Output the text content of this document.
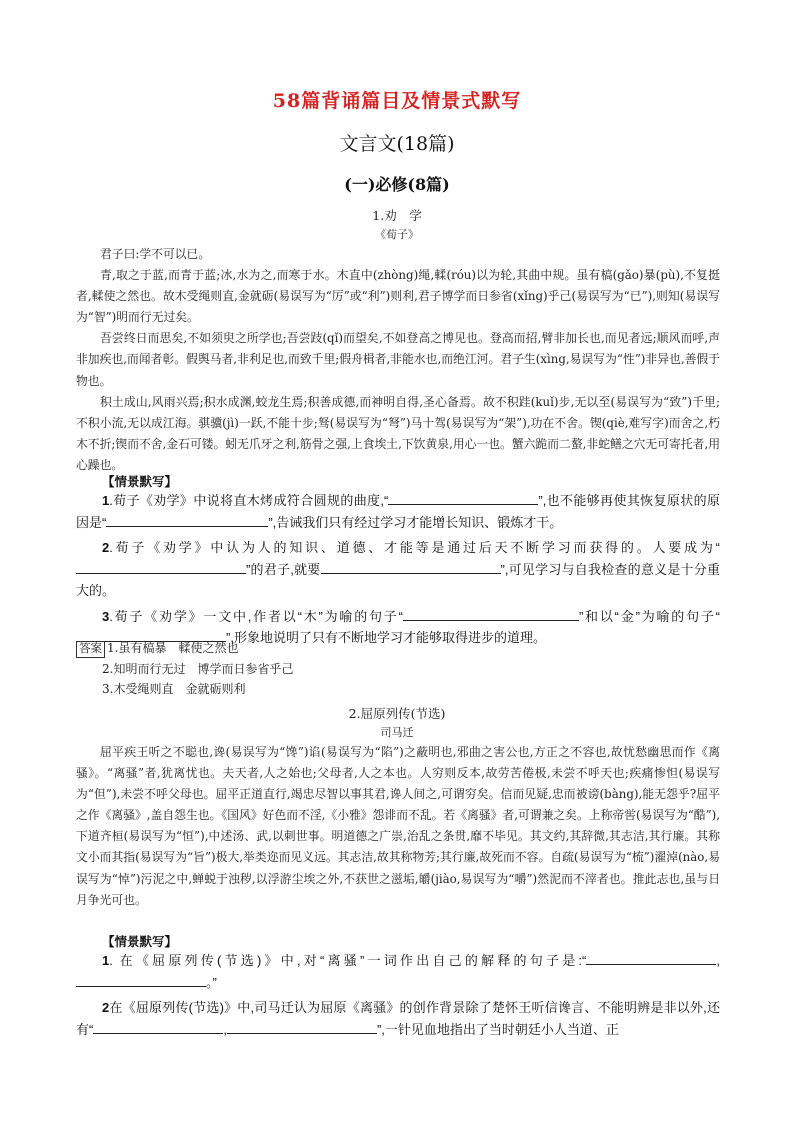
58篇背诵篇目及情景式默写
文言文(18篇)
(一)必修(8篇)
1.劝　学
《荀子》

君子曰:学不可以已。

青,取之于蓝,而青于蓝;冰,水为之,而寒于水。木直中(zhòng)绳,輮(róu)以为轮,其曲中规。虽有槁(gǎo)暴(pù),不复挺者,輮使之然也。故木受绳则直,金就砺(易误写为“厉”或“利”)则利,君子博学而日参省(xǐng)乎己(易误写为“已”),则知(易误写为“智”)明而行无过矣。

吾尝终日而思矣,不如须臾之所学也;吾尝跂(qǐ)而望矣,不如登高之博见也。登高而招,臂非加长也,而见者远;顺风而呼,声非加疾也,而闻者彰。假舆马者,非利足也,而致千里;假舟楫者,非能水也,而绝江河。君子生(xìng,易误写为“性”)非异也,善假于物也。

积土成山,风雨兴焉;积水成渊,蛟龙生焉;积善成德,而神明自得,圣心备焉。故不积跬(kuǐ)步,无以至(易误写为“致”)千里;不积小流,无以成江海。骐骥(jì)一跃,不能十步;驽(易误写为“弩”)马十驾(易误写为“架”),功在不舍。锲(qiè,难写字)而舍之,朽木不折;锲而不舍,金石可镂。蚓无爪牙之利,筋骨之强,上食埃土,下饮黄泉,用心一也。蟹六跪而二螯,非蛇鳝之穴无可寄托者,用心躁也。

【情景默写】

1.荀子《劝学》中说将直木烤成符合圆规的曲度,“	”,也不能够再使其恢复原状的原因是“	”,告诫我们只有经过学习才能增长知识、锻炼才干。

2.荀子《劝学》中认为人的知识、道德、才能等是通过后天不断学习而获得的。人要成为“”的君子,就要	”,可见学习与自我检查的意义是十分重大的。

3.荀子《劝学》一文中,作者以“木”为喻的句子“	”和以“金”为喻的句子“”,形象地说明了只有不断地学习才能够取得进步的道理。

答案 1.虽有槁暴　輮使之然也
2.知明而行无过　博学而日参省乎己
3.木受绳则直　金就砺则利
2.屈原列传(节选)
司马迁

屈平疾王听之不聪也,谗(易误写为“馋”)谄(易误写为“陷”)之蔽明也,邪曲之害公也,方正之不容也,故忧愁幽思而作《离骚》。“离骚”者,犹离忧也。夫天者,人之始也;父母者,人之本也。人穷则反本,故劳苦倦极,未尝不呼天也;疾痛惨怛(易误写为“但”),未尝不呼父母也。屈平正道直行,竭忠尽智以事其君,谗人间之,可谓穷矣。信而见疑,忠而被谤(bàng),能无怨乎?屈平之作《离骚》,盖自怨生也。《国风》好色而不淫,《小雅》怨诽而不乱。若《离骚》者,可谓兼之矣。上称帝喾(易误写为“酷”),下道齐桓(易误写为“恒”),中述汤、武,以刺世事。明道德之广崇,治乱之条贯,靡不毕见。其文约,其辞微,其志洁,其行廉。其称文小而其指(易误写为“旨”)极大,举类迩而见义远。其志洁,故其称物芳;其行廉,故死而不容。自疏(易误写为“梳”)濯淖(nào,易误写为“悼”)污泥之中,蝉蜕于浊秽,以浮游尘埃之外,不获世之滋垢,皭(jiào,易误写为“嚼”)然泥而不滓者也。推此志也,虽与日月争光可也。

【情景默写】

1. 在《屈原列传(节选)》中,对“离骚”一词作出自己的解释的句子是:“	,。”

2在《屈原列传(节选)》中,司马迁认为屈原《离骚》的创作背景除了楚怀王听信谗言、不能明辨是非以外,还有“	,	”,一针见血地指出了当时朝廷小人当道、正
